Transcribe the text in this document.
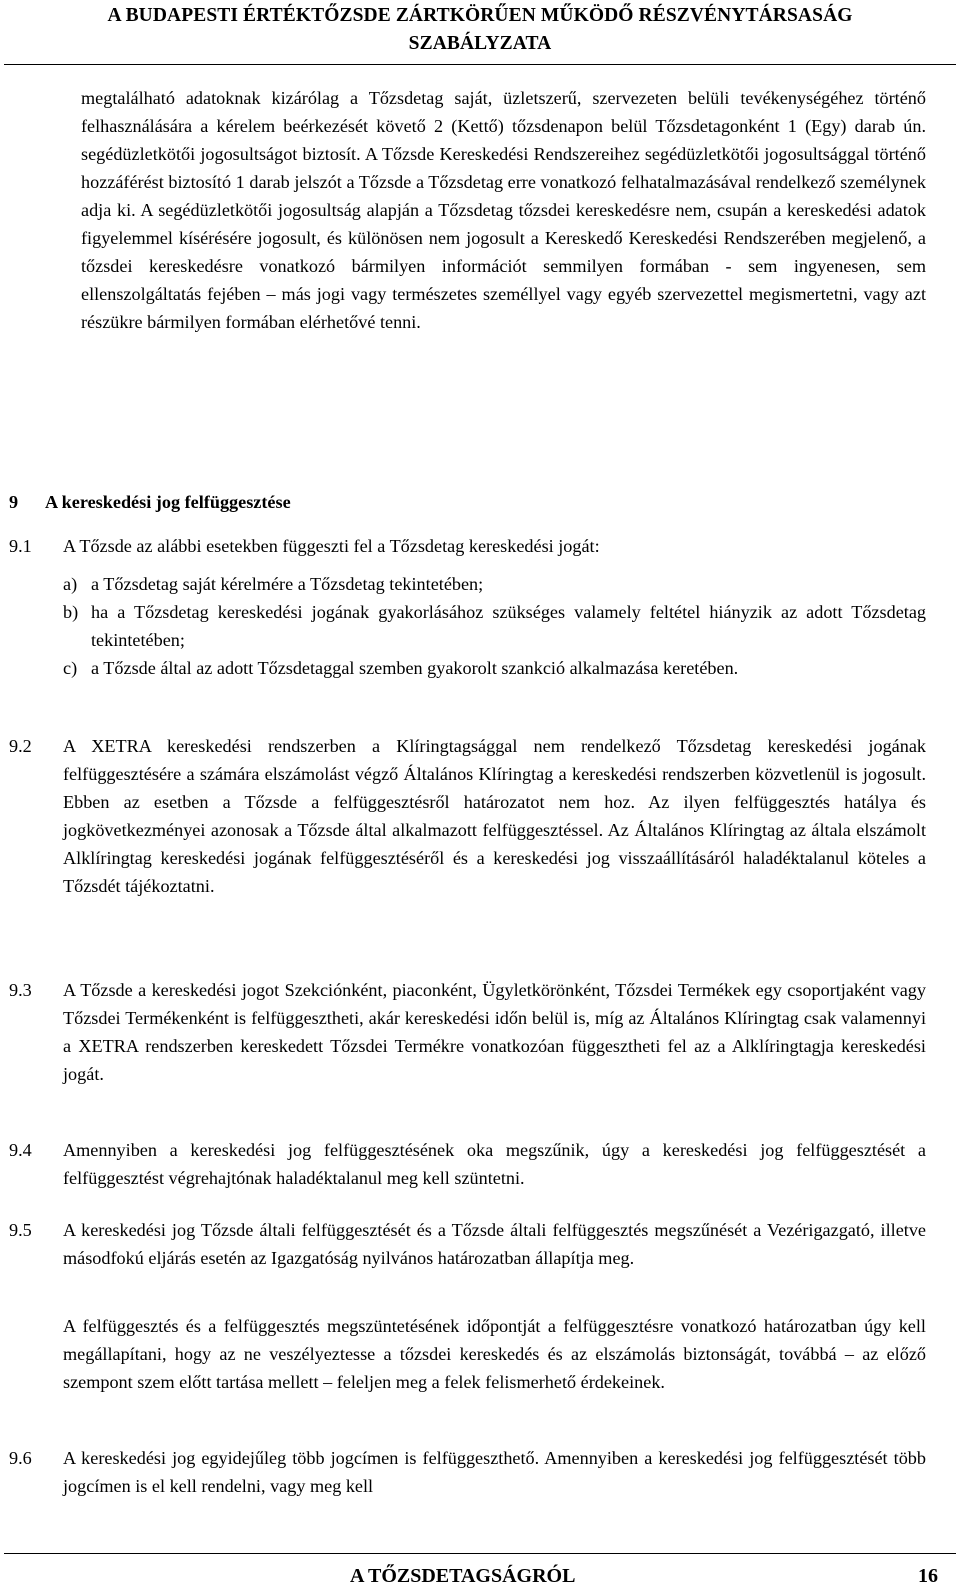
A BUDAPESTI ÉRTÉKTŐZSDE ZÁRTKÖRŰEN MŰKÖDŐ RÉSZVÉNYTÁRSASÁG
SZABÁLYZATA
megtalálható adatoknak kizárólag a Tőzsdetag saját, üzletszerű, szervezeten belüli tevékenységéhez történő felhasználására a kérelem beérkezését követő 2 (Kettő) tőzsdenapon belül Tőzsdetagonként 1 (Egy) darab ún. segédüzletkötői jogosultságot biztosít. A Tőzsde Kereskedési Rendszereihez segédüzletkötői jogosultsággal történő hozzáférést biztosító 1 darab jelszót a Tőzsde a Tőzsdetag erre vonatkozó felhatalmazásával rendelkező személynek adja ki. A segédüzletkötői jogosultság alapján a Tőzsdetag tőzsdei kereskedésre nem, csupán a kereskedési adatok figyelemmel kísérésére jogosult, és különösen nem jogosult a Kereskedő Kereskedési Rendszerében megjelenő, a tőzsdei kereskedésre vonatkozó bármilyen információt semmilyen formában - sem ingyenesen, sem ellenszolgáltatás fejében – más jogi vagy természetes személlyel vagy egyéb szervezettel megismertetni, vagy azt részükre bármilyen formában elérhetővé tenni.
9 A kereskedési jog felfüggesztése
9.1	A Tőzsde az alábbi esetekben függeszti fel a Tőzsdetag kereskedési jogát:
a) a Tőzsdetag saját kérelmére a Tőzsdetag tekintetében;
b) ha a Tőzsdetag kereskedési jogának gyakorlásához szükséges valamely feltétel hiányzik az adott Tőzsdetag tekintetében;
c) a Tőzsde által az adott Tőzsdetaggal szemben gyakorolt szankció alkalmazása keretében.
9.2	A XETRA kereskedési rendszerben a Klíringtagsággal nem rendelkező Tőzsdetag kereskedési jogának felfüggesztésére a számára elszámolást végző Általános Klíringtag a kereskedési rendszerben közvetlenül is jogosult. Ebben az esetben a Tőzsde a felfüggesztésről határozatot nem hoz. Az ilyen felfüggesztés hatálya és jogkövetkezményei azonosak a Tőzsde által alkalmazott felfüggesztéssel. Az Általános Klíringtag az általa elszámolt Alklíringtag kereskedési jogának felfüggesztéséről és a kereskedési jog visszaállításáról haladéktalanul köteles a Tőzsdét tájékoztatni.
9.3	A Tőzsde a kereskedési jogot Szekciónként, piaconként, Ügyletkörönként, Tőzsdei Termékek egy csoportjaként vagy Tőzsdei Termékenként is felfüggesztheti, akár kereskedési időn belül is, míg az Általános Klíringtag csak valamennyi a XETRA rendszerben kereskedett Tőzsdei Termékre vonatkozóan függesztheti fel az a Alklíringtagja kereskedési jogát.
9.4	Amennyiben a kereskedési jog felfüggesztésének oka megszűnik, úgy a kereskedési jog felfüggesztését a felfüggesztést végrehajtónak haladéktalanul meg kell szüntetni.
9.5	A kereskedési jog Tőzsde általi felfüggesztését és a Tőzsde általi felfüggesztés megszűnését a Vezérigazgató, illetve másodfokú eljárás esetén az Igazgatóság nyilvános határozatban állapítja meg.
A felfüggesztés és a felfüggesztés megszüntetésének időpontját a felfüggesztésre vonatkozó határozatban úgy kell megállapítani, hogy az ne veszélyeztesse a tőzsdei kereskedés és az elszámolás biztonságát, továbbá – az előző szempont szem előtt tartása mellett – feleljen meg a felek felismerhető érdekeinek.
9.6	A kereskedési jog egyidejűleg több jogcímen is felfüggeszthető. Amennyiben a kereskedési jog felfüggesztését több jogcímen is el kell rendelni, vagy meg kell
A TŐZSDETAGSÁGRÓL	16
